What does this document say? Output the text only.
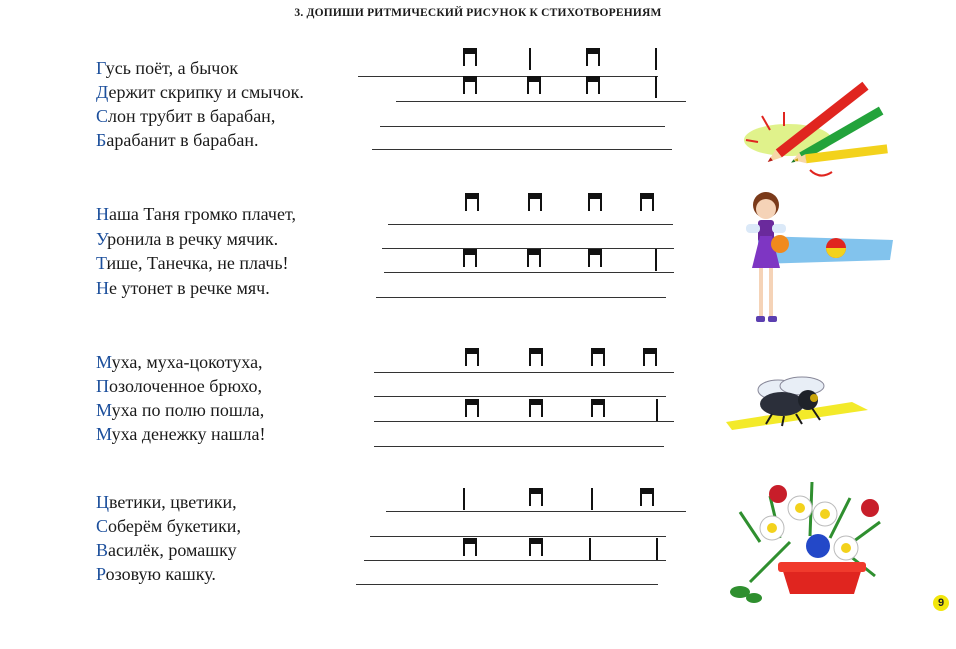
3. ДОПИШИ РИТМИЧЕСКИЙ РИСУНОК К СТИХОТВОРЕНИЯМ
Гусь поёт, а бычок
Держит скрипку и смычок.
Слон трубит в барабан,
Барабанит в барабан.
Наша Таня громко плачет,
Уронила в речку мячик.
Тише, Танечка, не плачь!
Не утонет в речке мяч.
Муха, муха-цокотуха,
Позолоченное брюхо,
Муха по полю пошла,
Муха денежку нашла!
Цветики, цветики,
Соберём букетики,
Василёк, ромашку
Розовую кашку.
9
